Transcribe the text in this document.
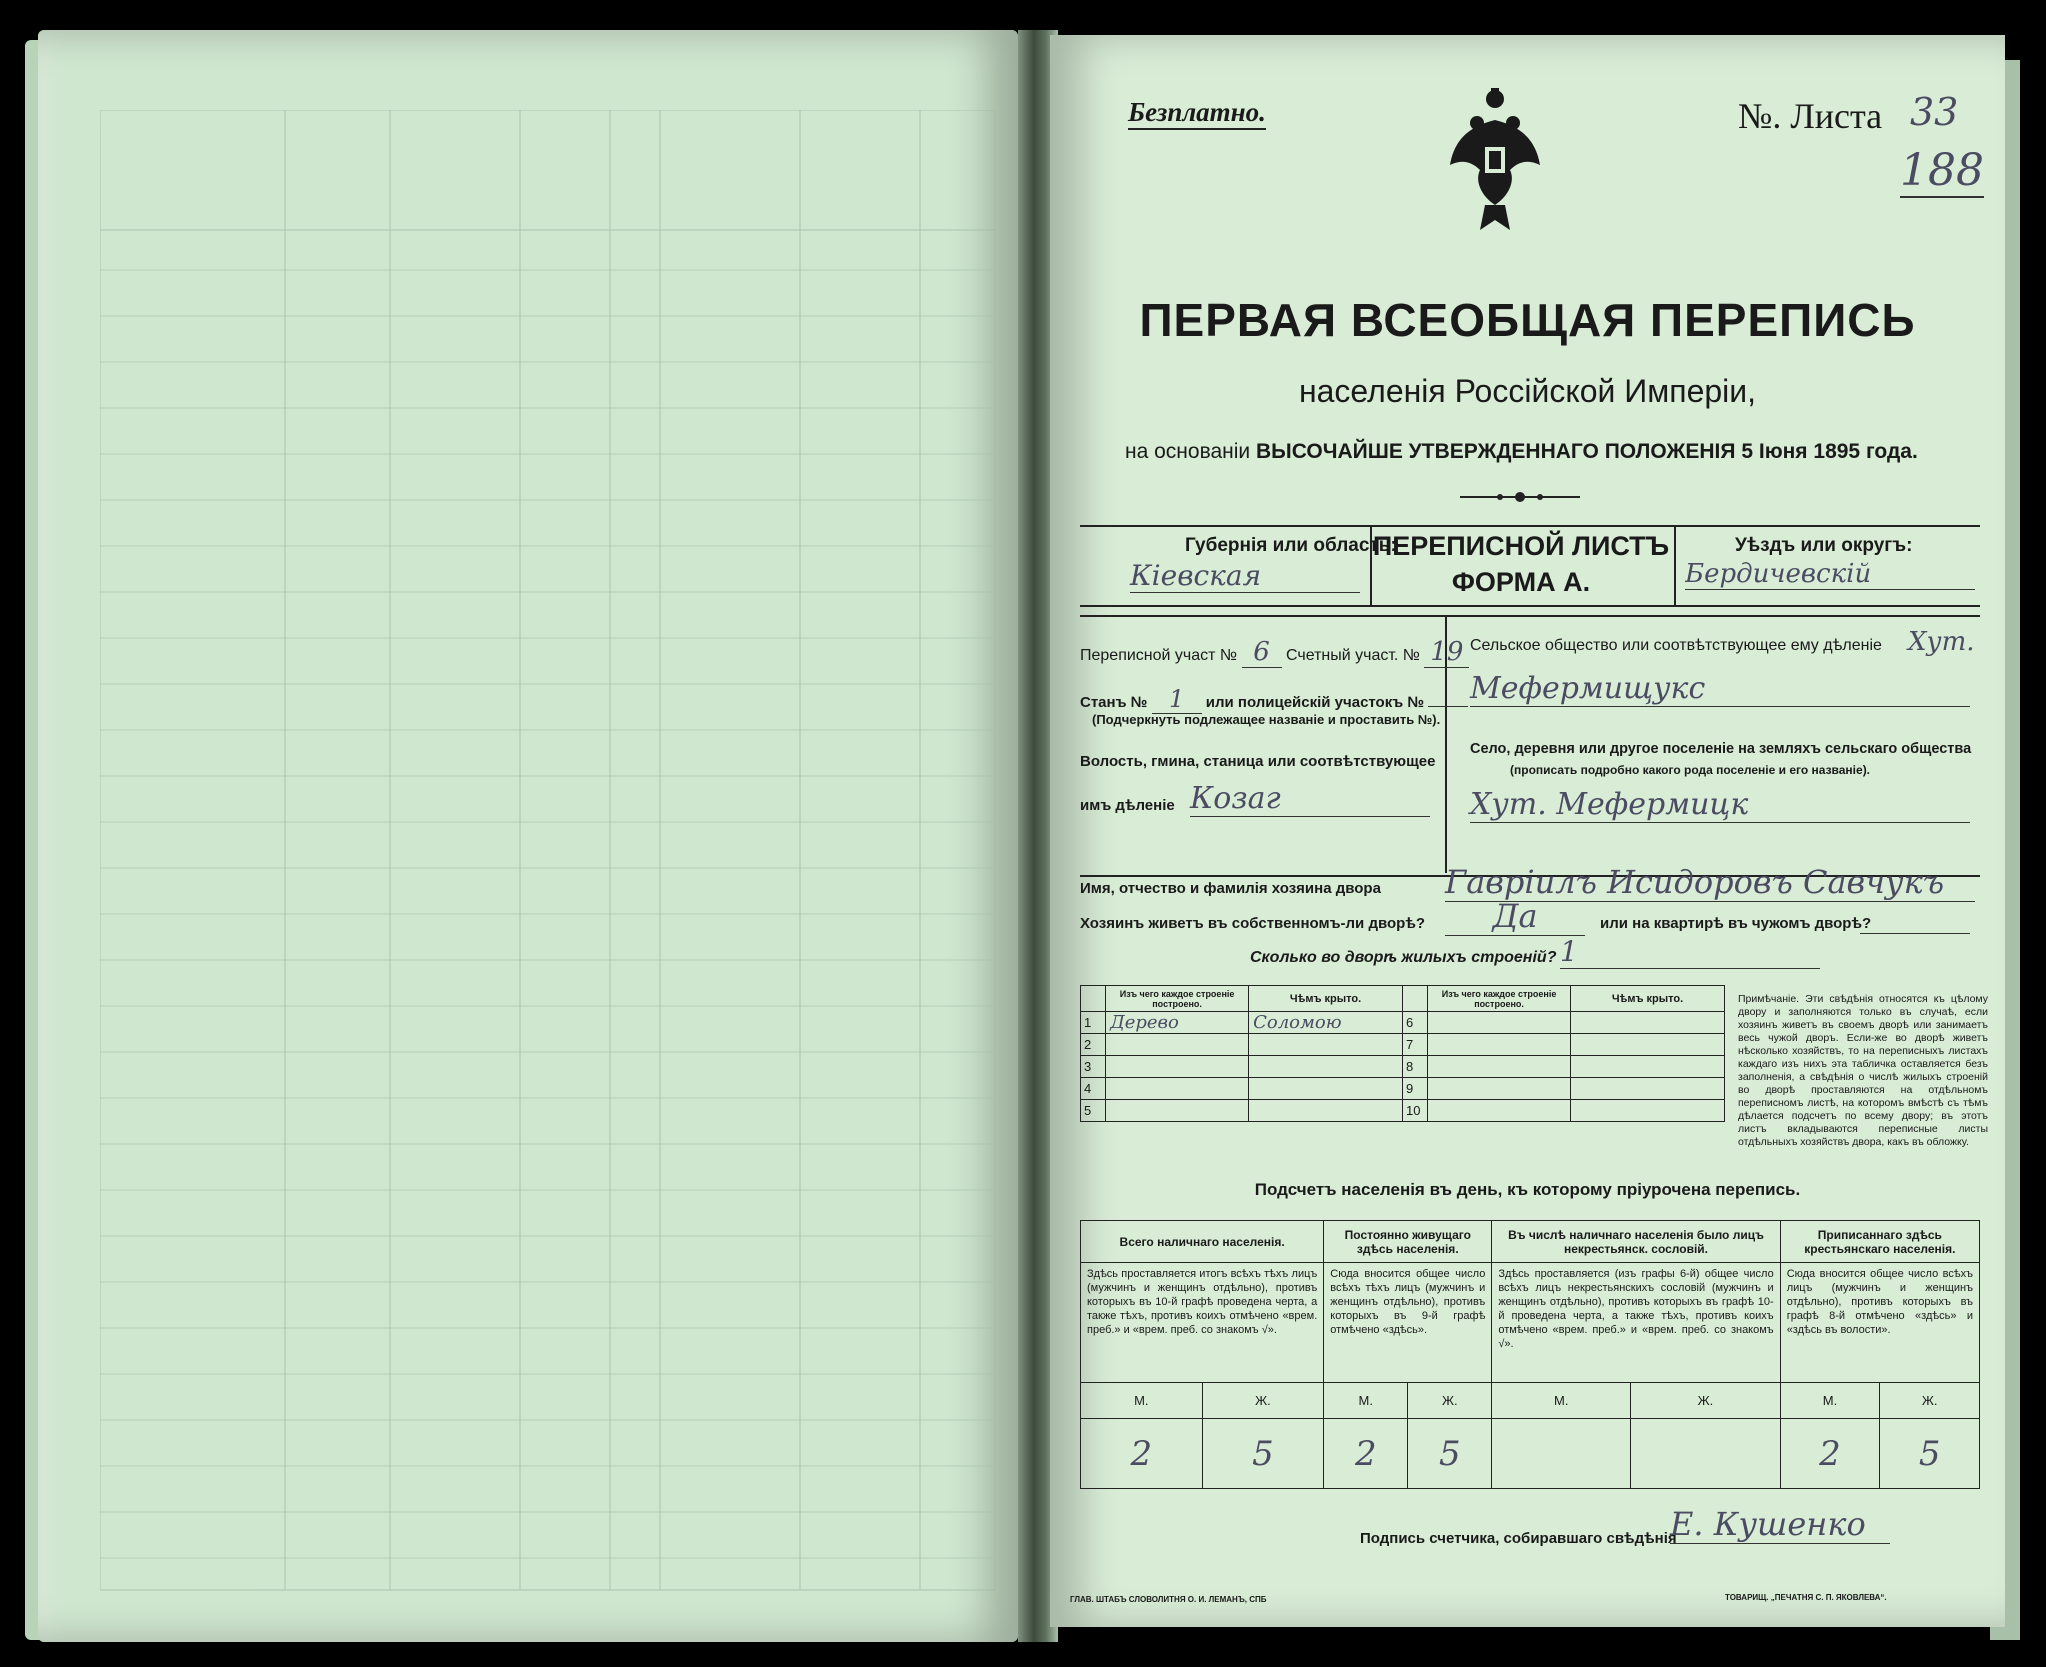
Безплатно.	№. Листа 33
188
ПЕРВАЯ ВСЕОБЩАЯ ПЕРЕПИСЬ
населенія Россійской Имперіи,
на основаніи ВЫСОЧАЙШЕ УТВЕРЖДЕННАГО ПОЛОЖЕНІЯ 5 Іюня 1895 года.
Губернія или область:
Кіевская
ПЕРЕПИСНОЙ ЛИСТЪ
ФОРМА А.
Уѣздъ или округъ:
Бердичевскій
Переписной участ № 6 Счетный участ. № 19
Станъ № 1 или полицейскій участокъ №
(Подчеркнуть подлежащее названіе и проставить №).
Волость, гмина, станица или соотвѣтствующее
имъ дѣленіе Козаг
Сельское общество или соотвѣтствующее ему дѣленіе Хут.
Мефермищукс
Село, деревня или другое поселеніе на земляхъ сельскаго общества
(прописать подробно какого рода поселеніе и его названіе).
Хут. Мефермицк
Имя, отчество и фамилія хозяина двора Гавріилъ Исидоровъ Савчукъ
Хозяинъ живетъ въ собственномъ-ли дворѣ?	Да	или на квартирѣ въ чужомъ дворѣ?
Сколько во дворѣ жилыхъ строеній? 1
	Изъ чего каждое строеніе построено.	Чѣмъ крыто.		Изъ чего каждое строеніе построено.	Чѣмъ крыто.
1	Дерево	Соломою	6		
2			7		
3			8		
4			9		
5			10		
Примѣчаніе. Эти свѣдѣнія относятся къ цѣлому двору и заполняются только въ случаѣ, если хозяинъ живетъ въ своемъ дворѣ или занимаетъ весь чужой дворъ. Если-же во дворѣ живетъ нѣсколько хозяйствъ, то на переписныхъ листахъ каждаго изъ нихъ эта табличка оставляется безъ заполненія, а свѣдѣнія о числѣ жилыхъ строеній во дворѣ проставляются на отдѣльномъ переписномъ листѣ, на которомъ вмѣстѣ съ тѣмъ дѣлается подсчетъ по всему двору; въ этотъ листъ вкладываются переписные листы отдѣльныхъ хозяйствъ двора, какъ въ обложку.
Подсчетъ населенія въ день, къ которому пріурочена перепись.
Всего наличнаго населенія.		Постоянно живущаго здѣсь населенія.		Въ числѣ наличнаго населенія было лицъ некрестьянск. сословій.		Приписаннаго здѣсь крестьянскаго населенія.	
Здѣсь проставляется итогъ всѣхъ тѣхъ лицъ (мужчинъ и женщинъ отдѣльно), противъ которыхъ въ 10-й графѣ проведена черта, а также тѣхъ, противъ коихъ отмѣчено «врем. преб.» и «врем. преб. со знакомъ √».		Сюда вносится общее число всѣхъ тѣхъ лицъ (мужчинъ и женщинъ отдѣльно), противъ которыхъ въ 9-й графѣ отмѣчено «здѣсь».		Здѣсь проставляется (изъ графы 6-й) общее число всѣхъ лицъ некрестьянскихъ сословій (мужчинъ и женщинъ отдѣльно), противъ которыхъ въ графѣ 10-й проведена черта, а также тѣхъ, противъ коихъ отмѣчено «врем. преб.» и «врем. преб. со знакомъ √».		Сюда вносится общее число всѣхъ лицъ (мужчинъ и женщинъ отдѣльно), противъ которыхъ въ графѣ 8-й отмѣчено «здѣсь» и «здѣсь въ волости».	
М.	Ж.	М.	Ж.	М.	Ж.	М.	Ж.
2	5	2	5			2	5
Подпись счетчика, собиравшаго свѣдѣнія
Е. Кушенко
ГЛАВ. ШТАБЪ СЛОВОЛИТНЯ О. И. ЛЕМАНЪ, СПБ	ТОВАРИЩ. „ПЕЧАТНЯ С. П. ЯКОВЛЕВА“.
